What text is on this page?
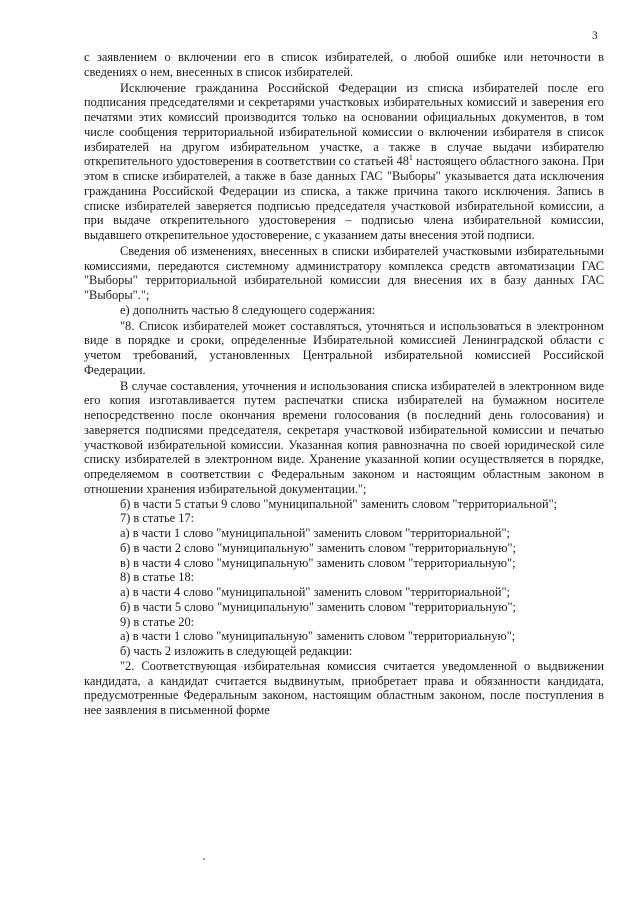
3

с заявлением о включении его в список избирателей, о любой ошибке или неточности в сведениях о нем, внесенных в список избирателей.

Исключение гражданина Российской Федерации из списка избирателей после его подписания председателями и секретарями участковых избирательных комиссий и заверения его печатями этих комиссий производится только на основании официальных документов, в том числе сообщения территориальной избирательной комиссии о включении избирателя в список избирателей на другом избирательном участке, а также в случае выдачи избирателю открепительного удостоверения в соответствии со статьей $48^1$ настоящего областного закона. При этом в списке избирателей, а также в базе данных ГАС "Выборы" указывается дата исключения гражданина Российской Федерации из списка, а также причина такого исключения. Запись в списке избирателей заверяется подписью председателя участковой избирательной комиссии, а при выдаче открепительного удостоверения – подписью члена избирательной комиссии, выдавшего открепительное удостоверение, с указанием даты внесения этой подписи.

Сведения об изменениях, внесенных в списки избирателей участковыми избирательными комиссиями, передаются системному администратору комплекса средств автоматизации ГАС "Выборы" территориальной избирательной комиссии для внесения их в базу данных ГАС "Выборы".";

е) дополнить частью 8 следующего содержания:

"8. Список избирателей может составляться, уточняться и использоваться в электронном виде в порядке и сроки, определенные Избирательной комиссией Ленинградской области с учетом требований, установленных Центральной избирательной комиссией Российской Федерации.

В случае составления, уточнения и использования списка избирателей в электронном виде его копия изготавливается путем распечатки списка избирателей на бумажном носителе непосредственно после окончания времени голосования (в последний день голосования) и заверяется подписями председателя, секретаря участковой избирательной комиссии и печатью участковой избирательной комиссии. Указанная копия равнозначна по своей юридической силе списку избирателей в электронном виде. Хранение указанной копии осуществляется в порядке, определяемом в соответствии с Федеральным законом и настоящим областным законом в отношении хранения избирательной документации.";

б) в части 5 статьи 9 слово "муниципальной" заменить словом "территориальной";

7) в статье 17:

а) в части 1 слово "муниципальной" заменить словом "территориальной";

б) в части 2 слово "муниципальную" заменить словом "территориальную";

в) в части 4 слово "муниципальную" заменить словом "территориальную";

8) в статье 18:

а) в части 4 слово "муниципальной" заменить словом "территориальной";

б) в части 5 слово "муниципальную" заменить словом "территориальную";

9) в статье 20:

а) в части 1 слово "муниципальную" заменить словом "территориальную";

б) часть 2 изложить в следующей редакции:

"2. Соответствующая избирательная комиссия считается уведомленной о выдвижении кандидата, а кандидат считается выдвинутым, приобретает права и обязанности кандидата, предусмотренные Федеральным законом, настоящим областным законом, после поступления в нее заявления в письменной форме
